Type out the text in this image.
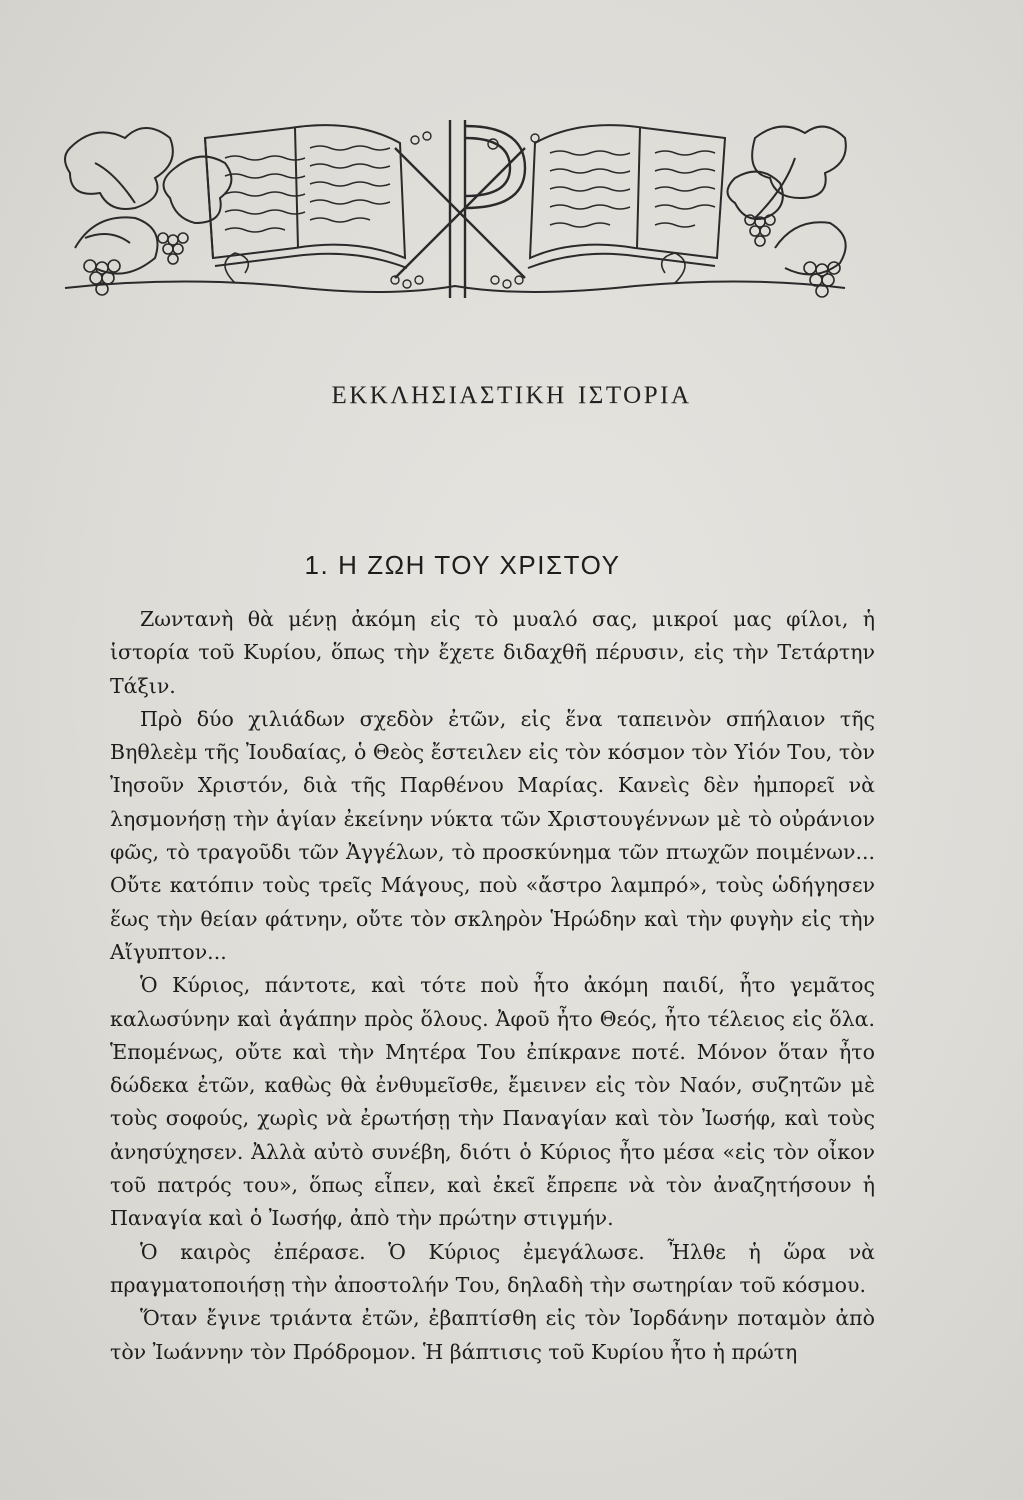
ΕΚΚΛΗΣΙΑΣΤΙΚΗ ΙΣΤΟΡΙΑ
1. Η ΖΩΗ ΤΟΥ ΧΡΙΣΤΟΥ

Ζωντανὴ θὰ μένῃ ἀκόμη εἰς τὸ μυαλό σας, μικροί μας φίλοι, ἡ ἱστορία τοῦ Κυρίου, ὅπως τὴν ἔχετε διδαχθῆ πέρυσιν, εἰς τὴν Τετάρτην Τάξιν.

Πρὸ δύο χιλιάδων σχεδὸν ἐτῶν, εἰς ἕνα ταπεινὸν σπήλαιον τῆς Βηθλεὲμ τῆς Ἰουδαίας, ὁ Θεὸς ἔστειλεν εἰς τὸν κόσμον τὸν Υἱόν Του, τὸν Ἰησοῦν Χριστόν, διὰ τῆς Παρθένου Μαρίας. Κανεὶς δὲν ἠμπορεῖ νὰ λησμονήσῃ τὴν ἁγίαν ἐκείνην νύκτα τῶν Χριστουγέννων μὲ τὸ οὐράνιον φῶς, τὸ τραγοῦδι τῶν Ἀγγέλων, τὸ προσκύνημα τῶν πτωχῶν ποιμένων... Οὔτε κατόπιν τοὺς τρεῖς Μάγους, ποὺ «ἄστρο λαμπρό», τοὺς ὡδήγησεν ἕως τὴν θείαν φάτνην, οὔτε τὸν σκληρὸν Ἡρώδην καὶ τὴν φυγὴν εἰς τὴν Αἴγυπτον...

Ὁ Κύριος, πάντοτε, καὶ τότε ποὺ ἦτο ἀκόμη παιδί, ἦτο γεμᾶτος καλωσύνην καὶ ἀγάπην πρὸς ὅλους. Ἀφοῦ ἦτο Θεός, ἦτο τέλειος εἰς ὅλα. Ἑπομένως, οὔτε καὶ τὴν Μητέρα Του ἐπίκρανε ποτέ. Μόνον ὅταν ἦτο δώδεκα ἐτῶν, καθὼς θὰ ἐνθυμεῖσθε, ἔμεινεν εἰς τὸν Ναόν, συζητῶν μὲ τοὺς σοφούς, χωρὶς νὰ ἐρωτήσῃ τὴν Παναγίαν καὶ τὸν Ἰωσήφ, καὶ τοὺς ἀνησύχησεν. Ἀλλὰ αὐτὸ συνέβη, διότι ὁ Κύριος ἦτο μέσα «εἰς τὸν οἶκον τοῦ πατρός του», ὅπως εἶπεν, καὶ ἐκεῖ ἔπρεπε νὰ τὸν ἀναζητήσουν ἡ Παναγία καὶ ὁ Ἰωσήφ, ἀπὸ τὴν πρώτην στιγμήν.

Ὁ καιρὸς ἐπέρασε. Ὁ Κύριος ἐμεγάλωσε. Ἦλθε ἡ ὥρα νὰ πραγματοποιήσῃ τὴν ἀποστολήν Του, δηλαδὴ τὴν σωτηρίαν τοῦ κόσμου.

Ὅταν ἔγινε τριάντα ἐτῶν, ἐβαπτίσθη εἰς τὸν Ἰορδάνην ποταμὸν ἀπὸ τὸν Ἰωάννην τὸν Πρόδρομον. Ἡ βάπτισις τοῦ Κυρίου ἦτο ἡ πρώτη
